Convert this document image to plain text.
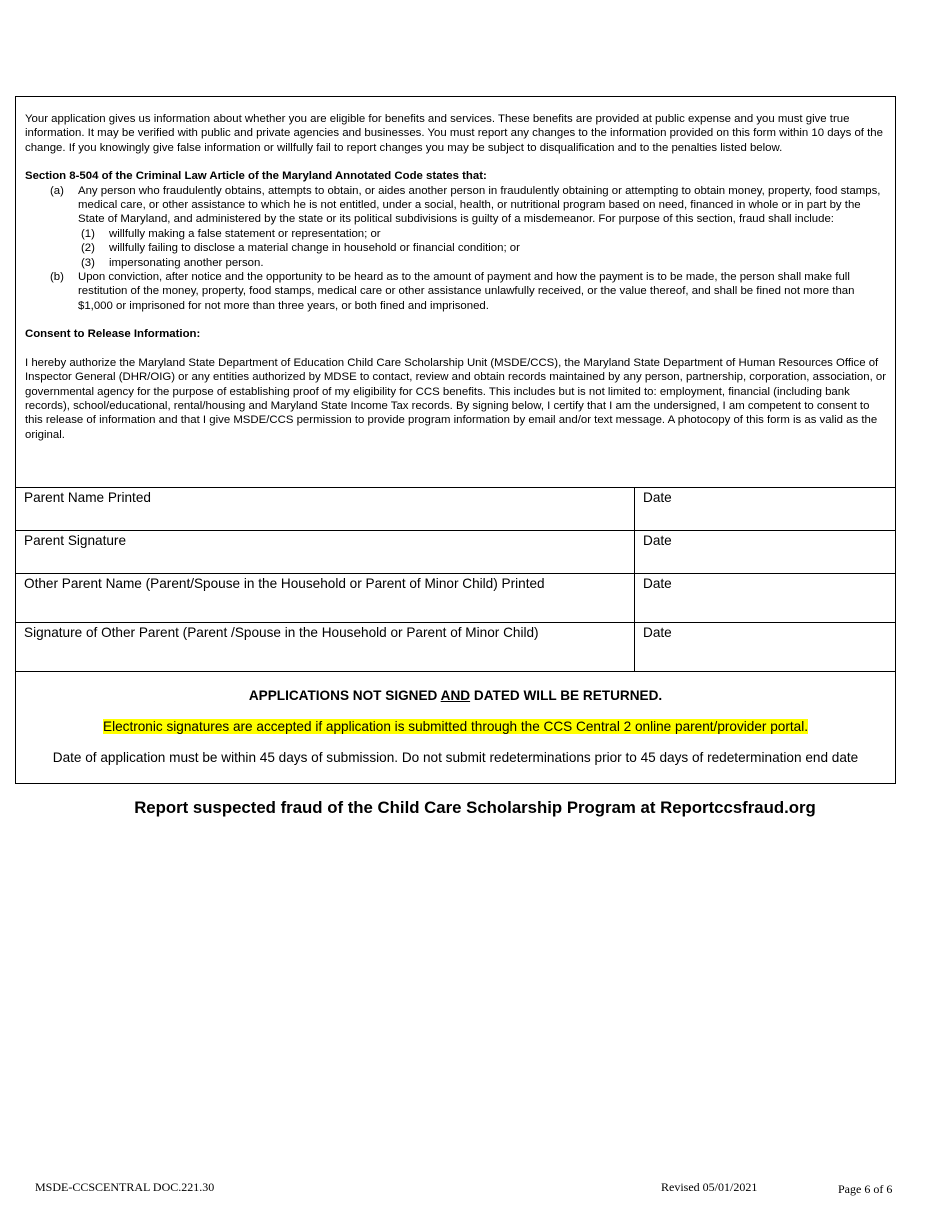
Your application gives us information about whether you are eligible for benefits and services. These benefits are provided at public expense and you must give true information. It may be verified with public and private agencies and businesses. You must report any changes to the information provided on this form within 10 days of the change. If you knowingly give false information or willfully fail to report changes you may be subject to disqualification and to the penalties listed below.

Section 8-504 of the Criminal Law Article of the Maryland Annotated Code states that:

(a)	Any person who fraudulently obtains, attempts to obtain, or aides another person in fraudulently obtaining or attempting to obtain money, property, food stamps, medical care, or other assistance to which he is not entitled, under a social, health, or nutritional program based on need, financed in whole or in part by the State of Maryland, and administered by the state or its political subdivisions is guilty of a misdemeanor. For purpose of this section, fraud shall include:
(1)	willfully making a false statement or representation; or
(2)	willfully failing to disclose a material change in household or financial condition; or
(3)	impersonating another person.
(b)	Upon conviction, after notice and the opportunity to be heard as to the amount of payment and how the payment is to be made, the person shall make full restitution of the money, property, food stamps, medical care or other assistance unlawfully received, or the value thereof, and shall be fined not more than $1,000 or imprisoned for not more than three years, or both fined and imprisoned.

Consent to Release Information:

I hereby authorize the Maryland State Department of Education Child Care Scholarship Unit (MSDE/CCS), the Maryland State Department of Human Resources Office of Inspector General (DHR/OIG) or any entities authorized by MDSE to contact, review and obtain records maintained by any person, partnership, corporation, association, or governmental agency for the purpose of establishing proof of my eligibility for CCS benefits. This includes but is not limited to: employment, financial (including bank records), school/educational, rental/housing and Maryland State Income Tax records. By signing below, I certify that I am the undersigned, I am competent to consent to this release of information and that I give MSDE/CCS permission to provide program information by email and/or text message. A photocopy of this form is as valid as the original.

Parent Name Printed	Date
Parent Signature	Date
Other Parent Name (Parent/Spouse in the Household or Parent of Minor Child) Printed	Date
Signature of Other Parent (Parent /Spouse in the Household or Parent of Minor Child)	Date
APPLICATIONS NOT SIGNED AND DATED WILL BE RETURNED.
Electronic signatures are accepted if application is submitted through the CCS Central 2 online parent/provider portal.
Date of application must be within 45 days of submission. Do not submit redeterminations prior to 45 days of redetermination end date
Report suspected fraud of the Child Care Scholarship Program at Reportccsfraud.org
MSDE-CCSCENTRAL DOC.221.30	Revised 05/01/2021	Page 6 of 6
